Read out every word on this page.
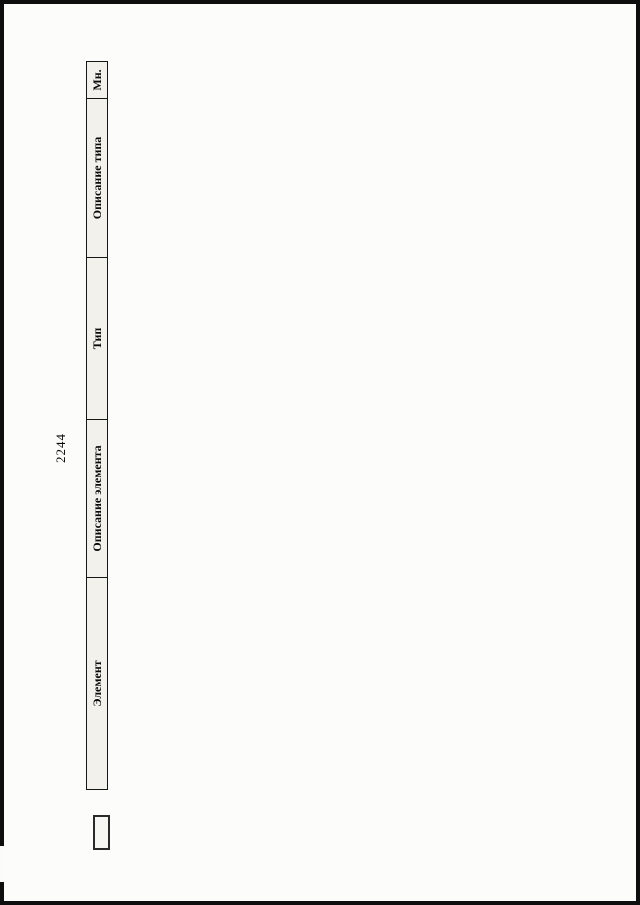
2244
Элемент	Описание элемента	Тип	Описание типа	Мн.
